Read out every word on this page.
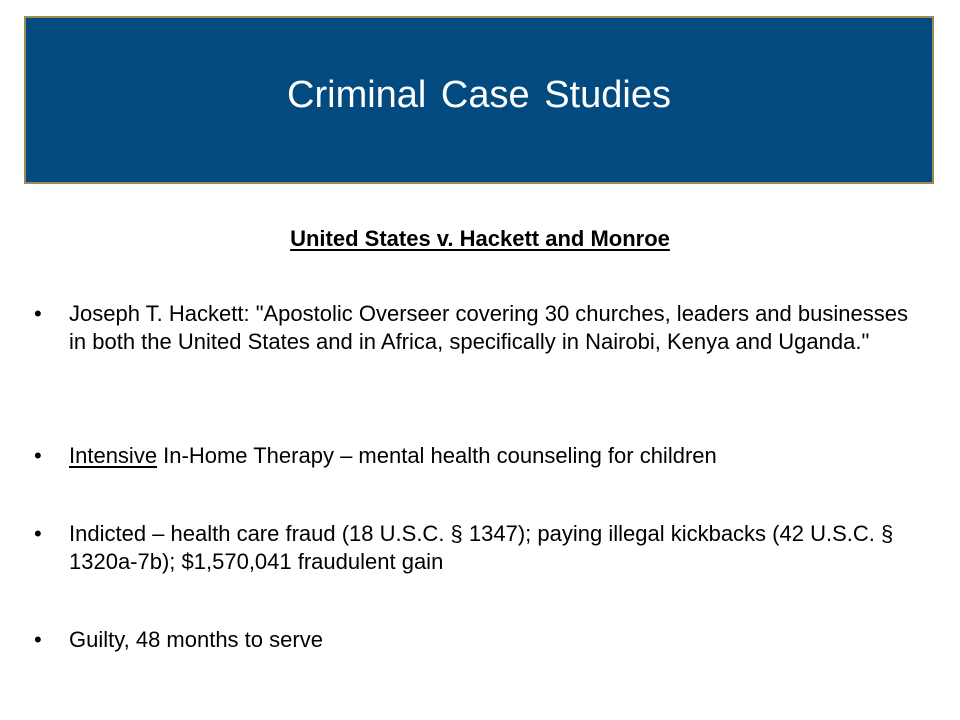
Criminal Case Studies
United States v. Hackett and Monroe
• Joseph T. Hackett: "Apostolic Overseer covering 30 churches, leaders and businesses in both the United States and in Africa, specifically in Nairobi, Kenya and Uganda."
• Intensive In-Home Therapy – mental health counseling for children
• Indicted – health care fraud (18 U.S.C. § 1347); paying illegal kickbacks (42 U.S.C. § 1320a-7b); $1,570,041 fraudulent gain
• Guilty, 48 months to serve
